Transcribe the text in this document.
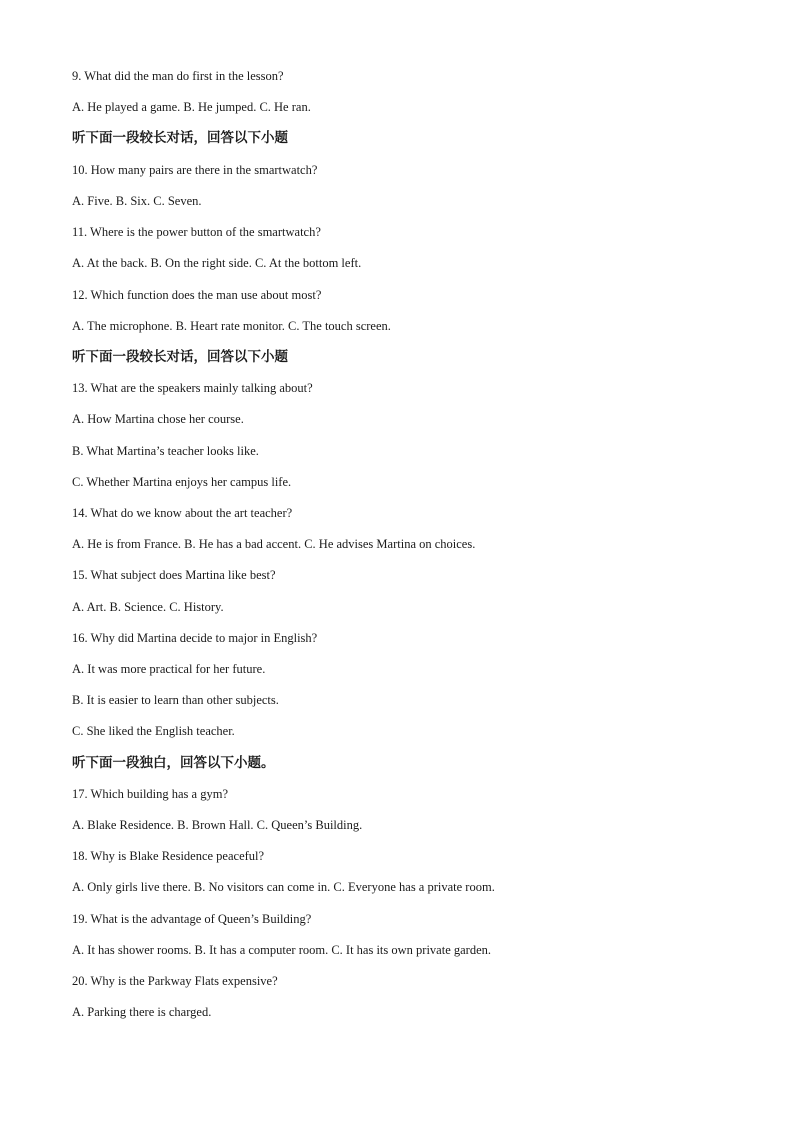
9. What did the man do first in the lesson?
A. He played a game. B. He jumped. C. He ran.
听下面一段较长对话，回答以下小题
10. How many pairs are there in the smartwatch?
A. Five. B. Six. C. Seven.
11. Where is the power button of the smartwatch?
A. At the back. B. On the right side. C. At the bottom left.
12. Which function does the man use about most?
A. The microphone. B. Heart rate monitor. C. The touch screen.
听下面一段较长对话，回答以下小题
13. What are the speakers mainly talking about?
A. How Martina chose her course.
B. What Martina’s teacher looks like.
C. Whether Martina enjoys her campus life.
14. What do we know about the art teacher?
A. He is from France. B. He has a bad accent. C. He advises Martina on choices.
15. What subject does Martina like best?
A. Art. B. Science. C. History.
16. Why did Martina decide to major in English?
A. It was more practical for her future.
B. It is easier to learn than other subjects.
C. She liked the English teacher.
听下面一段独白，回答以下小题。
17. Which building has a gym?
A. Blake Residence. B. Brown Hall. C. Queen’s Building.
18. Why is Blake Residence peaceful?
A. Only girls live there. B. No visitors can come in. C. Everyone has a private room.
19. What is the advantage of Queen’s Building?
A. It has shower rooms. B. It has a computer room. C. It has its own private garden.
20. Why is the Parkway Flats expensive?
A. Parking there is charged.
